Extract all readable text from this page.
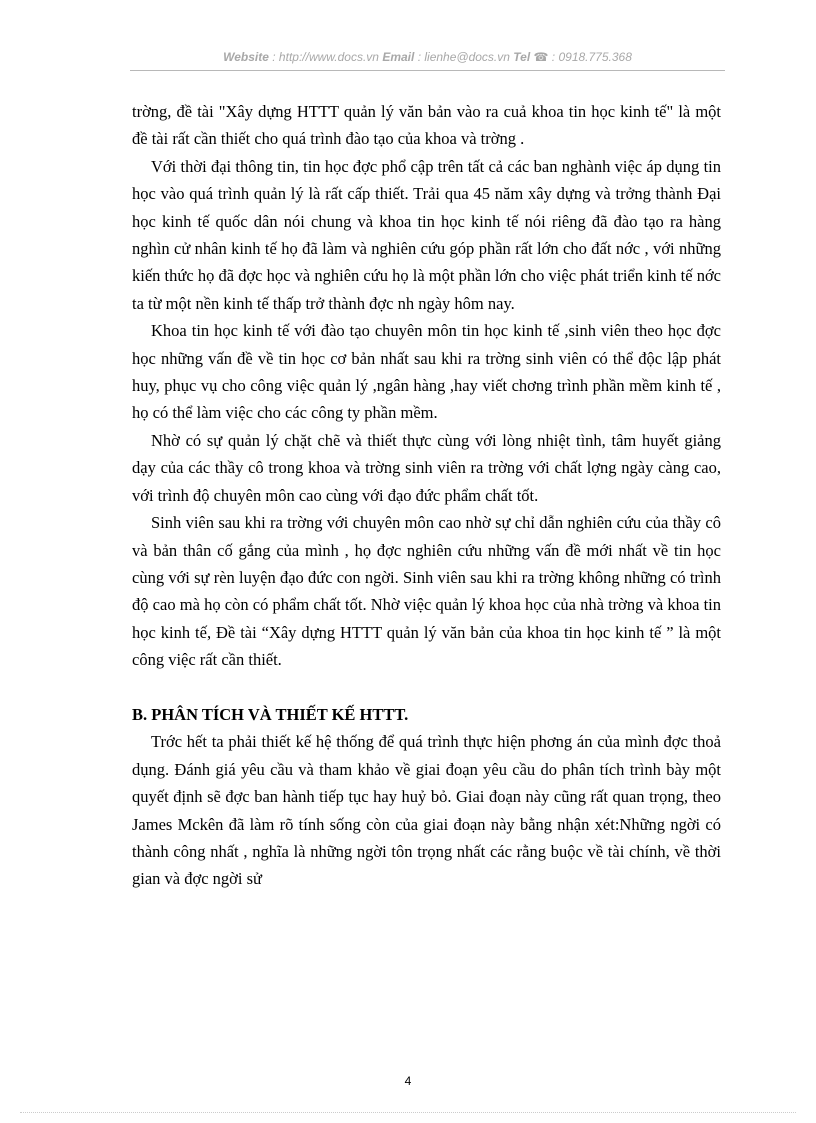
Website : http://www.docs.vn Email : lienhe@docs.vn Tel ☎ : 0918.775.368

trờng, đề tài "Xây dựng HTTT quản lý văn bản vào ra cuả khoa tin học kinh tế" là một đề tài rất cần thiết cho quá trình đào tạo của khoa và trờng .

Với thời đại thông tin, tin học đợc phổ cập trên tất cả các ban nghành việc áp dụng tin học vào quá trình quản lý là rất cấp thiết. Trải qua 45 năm xây dựng và trởng thành Đại học kinh tế quốc dân nói chung và khoa tin học kinh tế nói riêng đã đào tạo ra hàng nghìn cử nhân kinh tế họ đã làm và nghiên cứu góp phần rất lớn cho đất nớc , với những kiến thức họ đã đợc học và nghiên cứu họ là một phần lớn cho việc phát triển kinh tế nớc ta từ một nền kinh tế thấp trở thành đợc nh ngày hôm nay.

Khoa tin học kinh tế với đào tạo chuyên môn tin học kinh tế ,sinh viên theo học đợc học những vấn đề về tin học cơ bản nhất sau khi ra trờng sinh viên có thể độc lập phát huy, phục vụ cho công việc quản lý ,ngân hàng ,hay viết chơng trình phần mềm kinh tế , họ có thể làm việc cho các công ty phần mềm.

Nhờ có sự quản lý chặt chẽ và thiết thực cùng với lòng nhiệt tình, tâm huyết giảng dạy của các thầy cô trong khoa và trờng sinh viên ra trờng với chất lợng ngày càng cao, với trình độ chuyên môn cao cùng với đạo đức phẩm chất tốt.

Sinh viên sau khi ra trờng với chuyên môn cao nhờ sự chỉ dẫn nghiên cứu của thầy cô và bản thân cố gắng của mình , họ đợc nghiên cứu những vấn đề mới nhất về tin học cùng với sự rèn luyện đạo đức con ngời. Sinh viên sau khi ra trờng không những có trình độ cao mà họ còn có phẩm chất tốt. Nhờ việc quản lý khoa học của nhà trờng và khoa tin học kinh tế, Đề tài “Xây dựng HTTT quản lý văn bản của khoa tin học kinh tế ” là một công việc rất cần thiết.

B. PHÂN TÍCH VÀ THIẾT KẾ HTTT.

Trớc hết ta phải thiết kế hệ thống để quá trình thực hiện phơng án của mình đợc thoả dụng. Đánh giá yêu cầu và tham khảo về giai đoạn yêu cầu do phân tích trình bày một quyết định sẽ đợc ban hành tiếp tục hay huỷ bỏ. Giai đoạn này cũng rất quan trọng, theo James Mckên đã làm rõ tính sống còn của giai đoạn này bằng nhận xét:Những ngời có thành công nhất , nghĩa là những ngời tôn trọng nhất các rằng buộc về tài chính, về thời gian và đợc ngời sử

4
